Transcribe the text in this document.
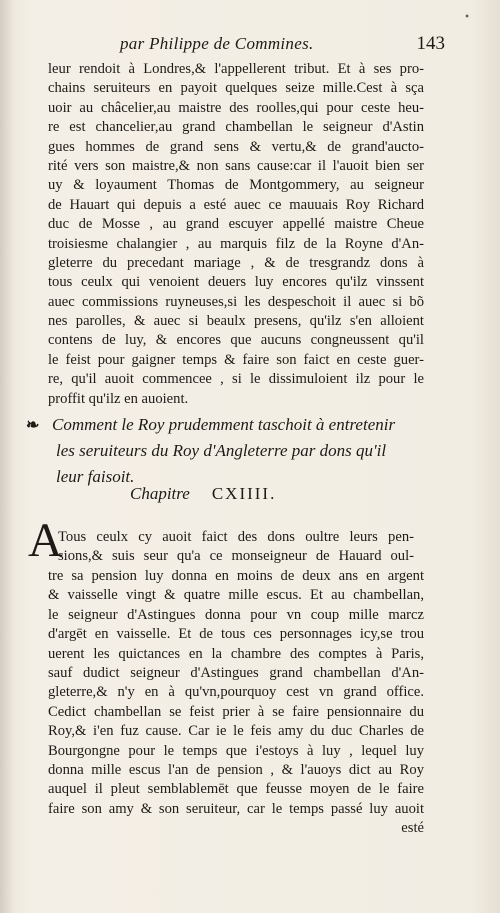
•
par Philippe de Commines.	143
leur rendoit à Londres,& l'appellerent tribut. Et à ses pro-
chains seruiteurs en payoit quelques seize mille.Cest à sça
uoir au châcelier,au maistre des roolles,qui pour ceste heu-
re est chancelier,au grand chambellan le seigneur d'Astin
gues hommes de grand sens & vertu,& de grand'auctо-
rité vers son maistre,& non sans cause:car il l'auoit bien ser
uy & loyaument Thomas de Montgommery, au seigneur
de Hauart qui depuis a esté auec ce mauuais Roy Richard
duc de Mosse , au grand escuyer appellé maistre Cheue
troisiesme chalangier , au marquis filz de la Royne d'An-
gleterre du precedant mariage , & de tresgrandz dons à
tous ceulx qui venoient deuers luy encores qu'ilz vinssent
auec commissions ruyneuses,si les despeschoit il auec si bõ
nes parolles, & auec si beaulx presens, qu'ilz s'en alloient
contens de luy, & encores que aucuns congneussent qu'il
le feist pour gaigner temps & faire son faict en ceste guer-
re, qu'il auoit commencee , si le dissimuloient ilz pour le
proffit qu'ilz en auoient.
❧ Comment le Roy prudemment taschoit à entretenir
les seruiteurs du Roy d'Angleterre par dons qu'il
leur faisoit.
Chapitre CXIIII.
A
Tous ceulx cy auoit faict des dons oultre leurs pen-
sions,& suis seur qu'a ce monseigneur de Hauard oul-
tre sa pension luy donna en moins de deux ans en argent
& vaisselle vingt & quatre mille escus. Et au chambellan,
le seigneur d'Astingues donna pour vn coup mille marcz
d'argēt en vaisselle. Et de tous ces personnages icy,se trou
uerent les quictances en la chambre des comptes à Paris,
sauf dudict seigneur d'Astingues grand chambellan d'An-
gleterre,& n'y en à qu'vn,pourquoy cest vn grand office.
Cedict chambellan se feist prier à se faire pensionnaire du
Roy,& i'en fuz cause. Car ie le feis amy du duc Charles de
Bourgongne pour le temps que i'estoys à luy , lequel luy
donna mille escus l'an de pension , & l'auoys dict au Roy
auquel il pleut semblablemēt que feusse moyen de le faire
faire son amy & son seruiteur, car le temps passé luy auoit
esté
